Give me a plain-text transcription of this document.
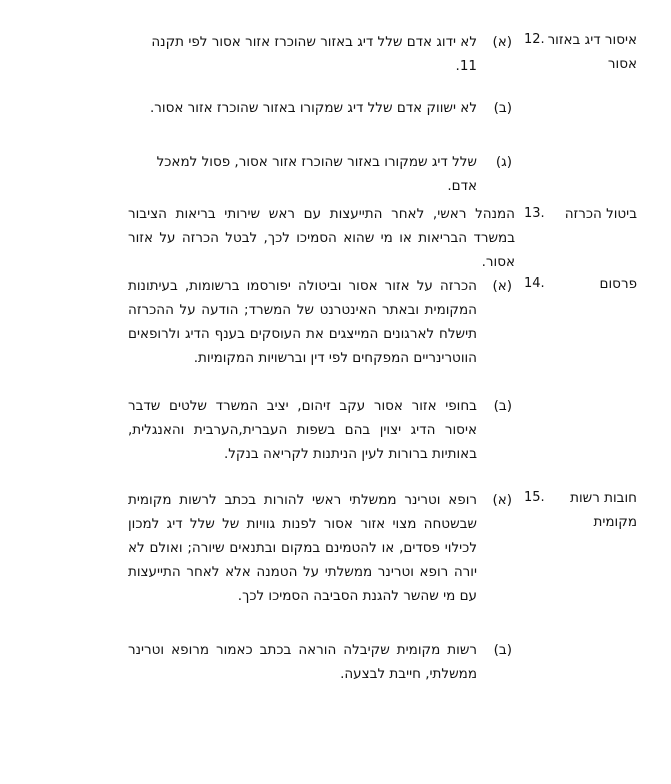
איסור דיג באזור אסור
12.
(א)
לא ידוג אדם שלל דיג באזור שהוכרז אזור אסור לפי תקנה 11.
(ב)
לא ישווק אדם שלל דיג שמקורו באזור שהוכרז אזור אסור.
(ג)
שלל דיג שמקורו באזור שהוכרז אזור אסור, פסול למאכל אדם.
ביטול הכרזה
13.
המנהל ראשי, לאחר התייעצות עם ראש שירותי בריאות הציבור במשרד הבריאות או מי שהוא הסמיכו לכך, לבטל הכרזה על אזור אסור.
פרסום
14.
(א)
הכרזה על אזור אסור וביטולה יפורסמו ברשומות, בעיתונות המקומית ובאתר האינטרנט של המשרד; הודעה על ההכרזה תישלח לארגונים המייצגים את העוסקים בענף הדיג ולרופאים הווטרינריים המפקחים לפי דין וברשויות המקומיות.
(ב)
בחופי אזור אסור עקב זיהום, יציב המשרד שלטים שדבר איסור הדיג יצוין בהם בשפות העברית,הערבית והאנגלית, באותיות ברורות לעין הניתנות לקריאה בנקל.
חובות רשות מקומית
15.
(א)
רופא וטרינר ממשלתי ראשי להורות בכתב לרשות מקומית שבשטחה מצוי אזור אסור לפנות גוויות של שלל דיג למכון לכילוי פסדים, או להטמינם במקום ובתנאים שיורה; ואולם לא יורה רופא וטרינר ממשלתי על הטמנה אלא לאחר התייעצות עם מי שהשר להגנת הסביבה הסמיכו לכך.
(ב)
רשות מקומית שקיבלה הוראה בכתב כאמור מרופא וטרינר ממשלתי, חייבת לבצעה.
